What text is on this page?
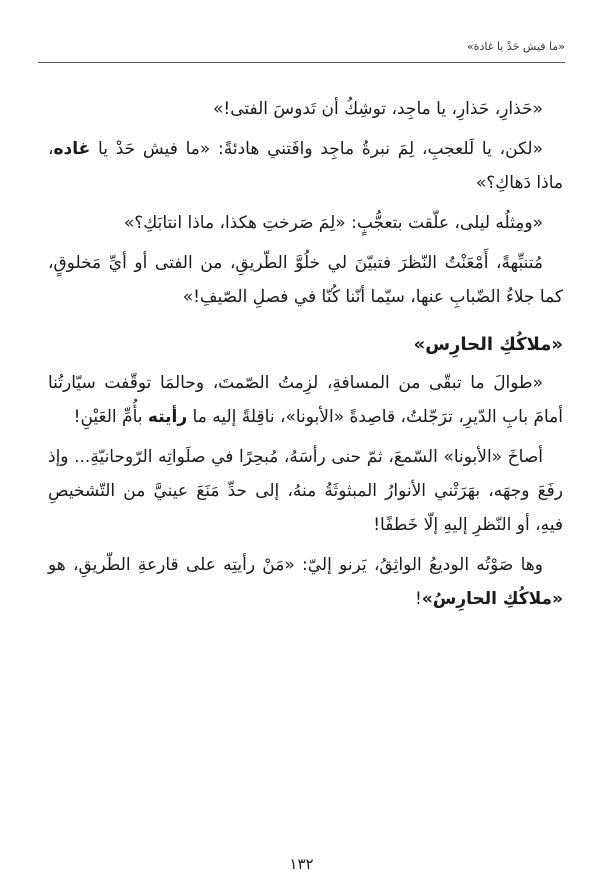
«ما فيش حَدْ يا غادة»

«حَذارِ، حَذارِ، يا ماجِد، توشِكُ أن تَدوسَ الفتى!»

«لكن، يا لَلعجبِ، لِمَ نبرةُ ماجِد وافَتني هادئةً: «ما فيش حَدْ يا غاده، ماذا دَهاكِ؟»

«ومِثلُه ليلى، علّقت بتعجُّبٍ: «لِمَ صَرختِ هكذا، ماذا انتابَكِ؟»

مُتنبِّهةً، أَمْعَنْتُ النّظرَ فتبيّنَ لي خلُوَّ الطّريقِ، من الفتى أو أيِّ مَخلوقٍ، كما جلاءُ الضّبابِ عنها، سيّما أنّنا كُنّا في فصلِ الصّيفِ!»

«ملاكُكِ الحارِس»

«طوالَ ما تبقّى من المسافةِ، لزِمتُ الصّمتَ، وحالمَا توقّفت سيّارتُنا أمامَ بابِ الدّيرِ، ترَجّلتُ، قاصِدةً «الأبونا»، ناقِلةً إليه ما رأيته بأُمِّ العَيْنِ!

أصاخَ «الأبونا» السّمعَ، ثمّ حنى رأسَهُ، مُبحِرًا في صلَواتِه الرّوحانيّةِ... وإذ رفَعَ وجهَه، بهَرَتْني الأنوارُ المبثوثَةُ منهُ، إلى حدِّ مَنَعَ عينيَّ من التّشخيصِ فيهِ، أو النّظرِ إليهِ إلّا خَطفًا!

وها صَوْتُه الوديعُ الواثِقُ، يَرنو إليّ: «مَنْ رأيتِه على قارعةِ الطّريقِ، هو «ملاكُكِ الحارِسُ»!

١٣٢
